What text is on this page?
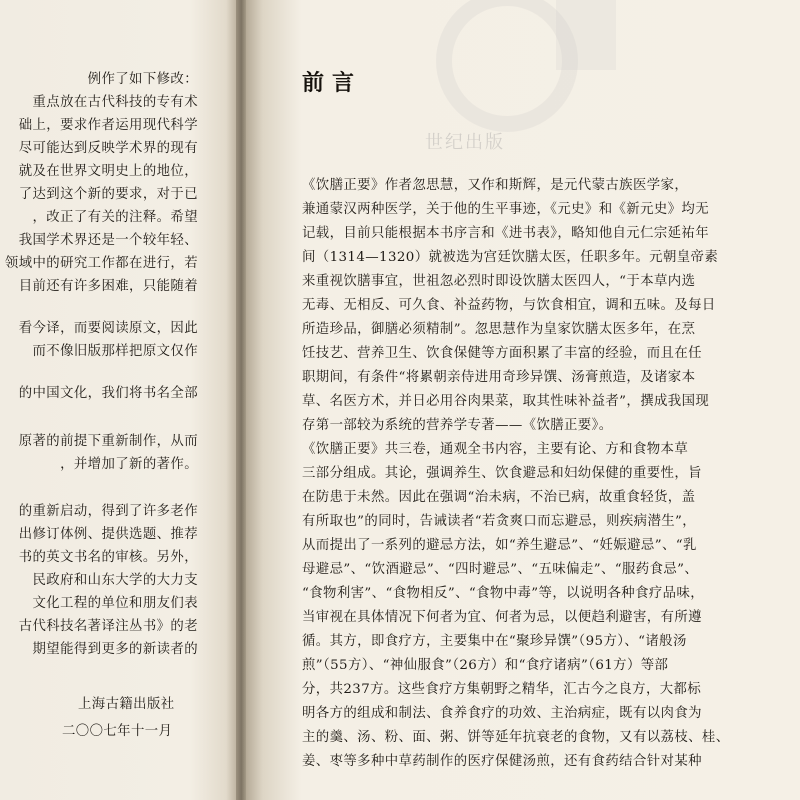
例作了如下修改：
重点放在古代科技的专有术
础上，要求作者运用现代科学
尽可能达到反映学术界的现有
就及在世界文明史上的地位，
了达到这个新的要求，对于已
，改正了有关的注释。希望
我国学术界还是一个较年轻、
领域中的研究工作都在进行，若
目前还有许多困难，只能随着
看今译，而要阅读原文，因此
而不像旧版那样把原文仅作
的中国文化，我们将书名全部
原著的前提下重新制作，从而
，并增加了新的著作。
的重新启动，得到了许多老作
出修订体例、提供选题、推荐
书的英文书名的审核。另外，
民政府和山东大学的大力支
文化工程的单位和朋友们表
古代科技名著译注丛书》的老
期望能得到更多的新读者的
上海古籍出版社
二〇〇七年十一月
前言
《饮膳正要》作者忽思慧，又作和斯辉，是元代蒙古族医学家，
兼通蒙汉两种医学，关于他的生平事迹，《元史》和《新元史》均无
记载，目前只能根据本书序言和《进书表》，略知他自元仁宗延祐年
间（1314—1320）就被选为宫廷饮膳太医，任职多年。元朝皇帝素
来重视饮膳事宜，世祖忽必烈时即设饮膳太医四人，“于本草内选
无毒、无相反、可久食、补益药物，与饮食相宜，调和五味。及每日
所造珍品，御膳必须精制”。忽思慧作为皇家饮膳太医多年，在烹
饪技艺、营养卫生、饮食保健等方面积累了丰富的经验，而且在任
职期间，有条件“将累朝亲侍进用奇珍异馔、汤膏煎造，及诸家本
草、名医方术，并日必用谷肉果菜，取其性味补益者”，撰成我国现
存第一部较为系统的营养学专著——《饮膳正要》。
《饮膳正要》共三卷，通观全书内容，主要有论、方和食物本草
三部分组成。其论，强调养生、饮食避忌和妇幼保健的重要性，旨
在防患于未然。因此在强调“治未病，不治已病，故重食轻货，盖
有所取也”的同时，告诫读者“若贪爽口而忘避忌，则疾病潜生”，
从而提出了一系列的避忌方法，如“养生避忌”、“妊娠避忌”、“乳
母避忌”、“饮酒避忌”、“四时避忌”、“五味偏走”、“服药食忌”、
“食物利害”、“食物相反”、“食物中毒”等，以说明各种食疗品味，
当审视在具体情况下何者为宜、何者为忌，以便趋利避害，有所遵
循。其方，即食疗方，主要集中在“聚珍异馔”（95方）、“诸般汤
煎”（55方）、“神仙服食”（26方）和“食疗诸病”（61方）等部
分，共237方。这些食疗方集朝野之精华，汇古今之良方，大都标
明各方的组成和制法、食养食疗的功效、主治病症，既有以肉食为
主的羹、汤、粉、面、粥、饼等延年抗衰老的食物，又有以荔枝、桂、
姜、枣等多种中草药制作的医疗保健汤煎，还有食药结合针对某种
世纪出版
